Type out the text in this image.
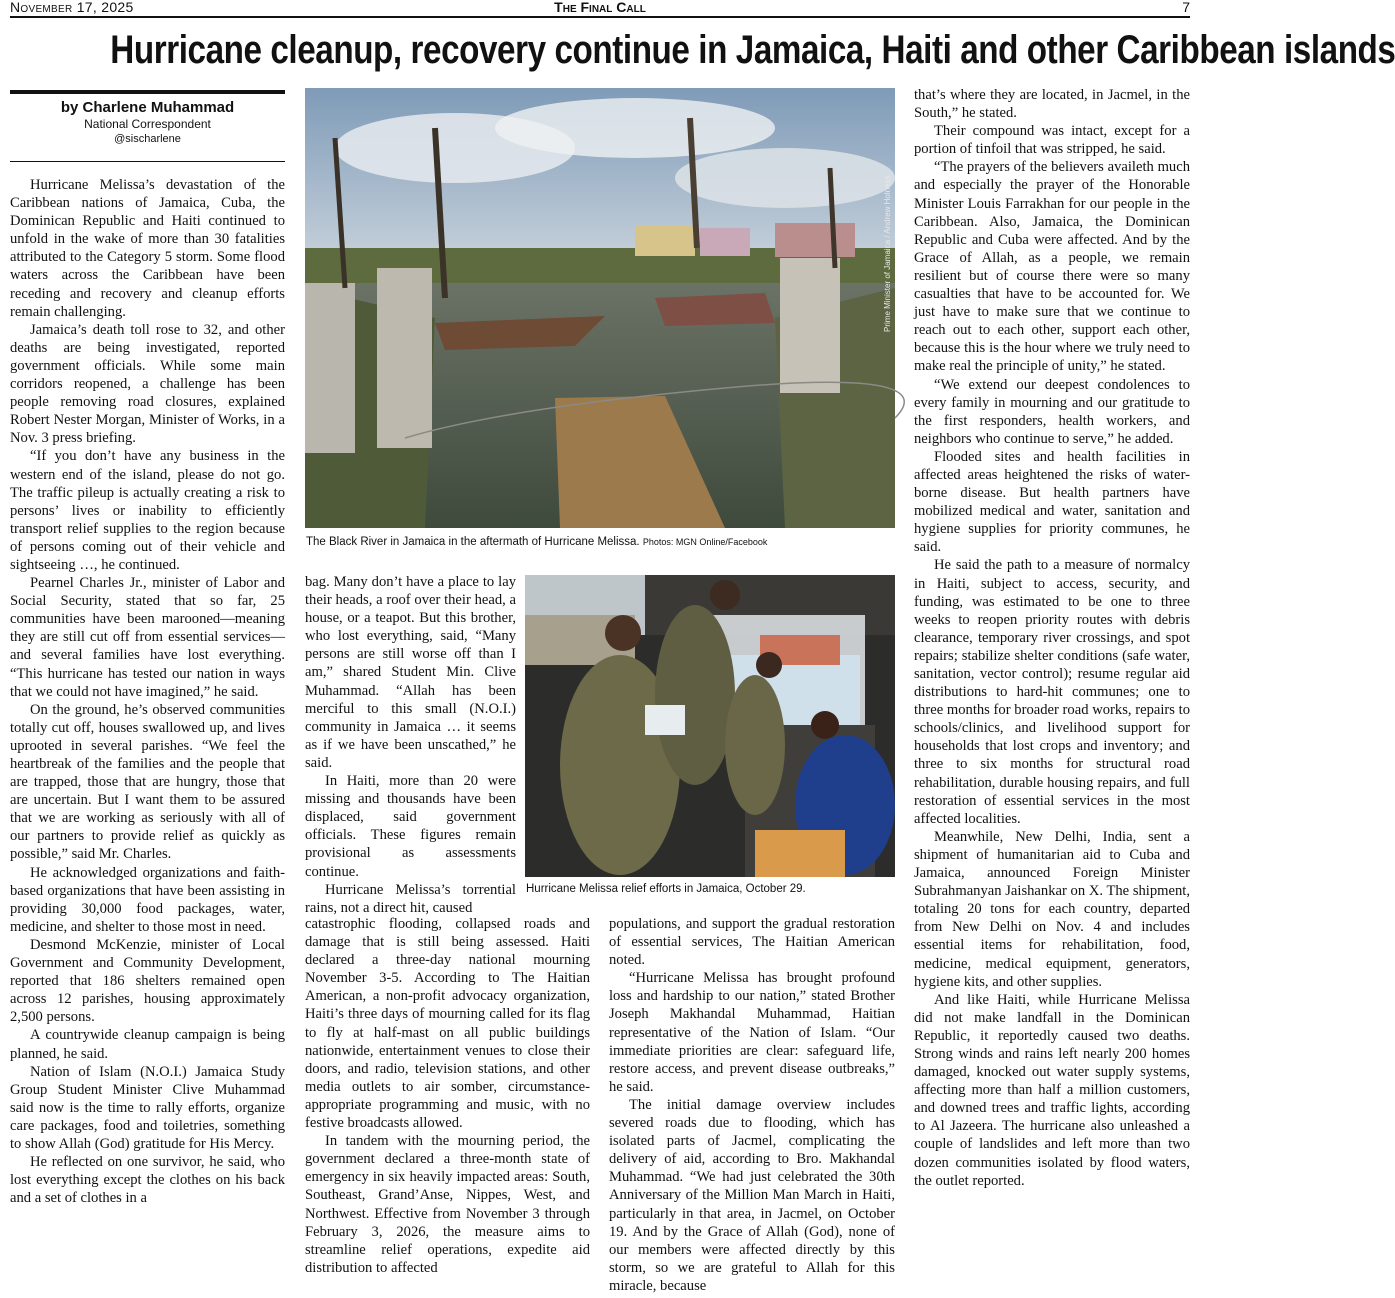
November 17, 2025	The Final Call	7
Hurricane cleanup, recovery continue in Jamaica, Haiti and other Caribbean islands
by Charlene Muhammad
National Correspondent
@sischarlene

Hurricane Melissa’s devastation of the Caribbean nations of Jamaica, Cuba, the Dominican Republic and Haiti continued to unfold in the wake of more than 30 fatalities attributed to the Category 5 storm. Some flood waters across the Caribbean have been receding and recovery and cleanup efforts remain challenging.

Jamaica’s death toll rose to 32, and other deaths are being investigated, reported government officials. While some main corridors reopened, a challenge has been people removing road closures, explained Robert Nester Morgan, Minister of Works, in a Nov. 3 press briefing.

“If you don’t have any business in the western end of the island, please do not go. The traffic pileup is actually creating a risk to persons’ lives or inability to efficiently transport relief supplies to the region because of persons coming out of their vehicle and sightseeing …, he continued.

Pearnel Charles Jr., minister of Labor and Social Security, stated that so far, 25 communities have been marooned—meaning they are still cut off from essential services—and several families have lost everything. “This hurricane has tested our nation in ways that we could not have imagined,” he said.

On the ground, he’s observed communities totally cut off, houses swallowed up, and lives uprooted in several parishes. “We feel the heartbreak of the families and the people that are trapped, those that are hungry, those that are uncertain. But I want them to be assured that we are working as seriously with all of our partners to provide relief as quickly as possible,” said Mr. Charles.

He acknowledged organizations and faith-based organizations that have been assisting in providing 30,000 food packages, water, medicine, and shelter to those most in need.

Desmond McKenzie, minister of Local Government and Community Development, reported that 186 shelters remained open across 12 parishes, housing approximately 2,500 persons.

A countrywide cleanup campaign is being planned, he said.

Nation of Islam (N.O.I.) Jamaica Study Group Student Minister Clive Muhammad said now is the time to rally efforts, organize care packages, food and toiletries, something to show Allah (God) gratitude for His Mercy.

He reflected on one survivor, he said, who lost everything except the clothes on his back and a set of clothes in a

The Black River in Jamaica in the aftermath of Hurricane Melissa. Photos: MGN Online/Facebook

bag. Many don’t have a place to lay their heads, a roof over their head, a house, or a teapot. But this brother, who lost everything, said, “Many persons are still worse off than I am,” shared Student Min. Clive Muhammad. “Allah has been merciful to this small (N.O.I.) community in Jamaica … it seems as if we have been unscathed,” he said.

In Haiti, more than 20 were missing and thousands have been displaced, said government officials. These figures remain provisional as assessments continue.

Hurricane Melissa’s torrential rains, not a direct hit, caused

Hurricane Melissa relief efforts in Jamaica, October 29.

catastrophic flooding, collapsed roads and damage that is still being assessed. Haiti declared a three-day national mourning November 3-5. According to The Haitian American, a non-profit advocacy organization, Haiti’s three days of mourning called for its flag to fly at half-mast on all public buildings nationwide, entertainment venues to close their doors, and radio, television stations, and other media outlets to air somber, circumstance-appropriate programming and music, with no festive broadcasts allowed.

In tandem with the mourning period, the government declared a three-month state of emergency in six heavily impacted areas: South, Southeast, Grand’Anse, Nippes, West, and Northwest. Effective from November 3 through February 3, 2026, the measure aims to streamline relief operations, expedite aid distribution to affected

populations, and support the gradual restoration of essential services, The Haitian American noted.

“Hurricane Melissa has brought profound loss and hardship to our nation,” stated Brother Joseph Makhandal Muhammad, Haitian representative of the Nation of Islam. “Our immediate priorities are clear: safeguard life, restore access, and prevent disease outbreaks,” he said.

The initial damage overview includes severed roads due to flooding, which has isolated parts of Jacmel, complicating the delivery of aid, according to Bro. Makhandal Muhammad. “We had just celebrated the 30th Anniversary of the Million Man March in Haiti, particularly in that area, in Jacmel, on October 19. And by the Grace of Allah (God), none of our members were affected directly by this storm, so we are grateful to Allah for this miracle, because

that’s where they are located, in Jacmel, in the South,” he stated.

Their compound was intact, except for a portion of tinfoil that was stripped, he said.

“The prayers of the believers availeth much and especially the prayer of the Honorable Minister Louis Farrakhan for our people in the Caribbean. Also, Jamaica, the Dominican Republic and Cuba were affected. And by the Grace of Allah, as a people, we remain resilient but of course there were so many casualties that have to be accounted for. We just have to make sure that we continue to reach out to each other, support each other, because this is the hour where we truly need to make real the principle of unity,” he stated.

“We extend our deepest condolences to every family in mourning and our gratitude to the first responders, health workers, and neighbors who continue to serve,” he added.

Flooded sites and health facilities in affected areas heightened the risks of water-borne disease. But health partners have mobilized medical and water, sanitation and hygiene supplies for priority communes, he said.

He said the path to a measure of normalcy in Haiti, subject to access, security, and funding, was estimated to be one to three weeks to reopen priority routes with debris clearance, temporary river crossings, and spot repairs; stabilize shelter conditions (safe water, sanitation, vector control); resume regular aid distributions to hard-hit communes; one to three months for broader road works, repairs to schools/clinics, and livelihood support for households that lost crops and inventory; and three to six months for structural road rehabilitation, durable housing repairs, and full restoration of essential services in the most affected localities.

Meanwhile, New Delhi, India, sent a shipment of humanitarian aid to Cuba and Jamaica, announced Foreign Minister Subrahmanyan Jaishankar on X. The shipment, totaling 20 tons for each country, departed from New Delhi on Nov. 4 and includes essential items for rehabilitation, food, medicine, medical equipment, generators, hygiene kits, and other supplies.

And like Haiti, while Hurricane Melissa did not make landfall in the Dominican Republic, it reportedly caused two deaths. Strong winds and rains left nearly 200 homes damaged, knocked out water supply systems, affecting more than half a million customers, and downed trees and traffic lights, according to Al Jazeera. The hurricane also unleashed a couple of landslides and left more than two dozen communities isolated by flood waters, the outlet reported.

Prime Minister of Jamaica / Andrew Holness
